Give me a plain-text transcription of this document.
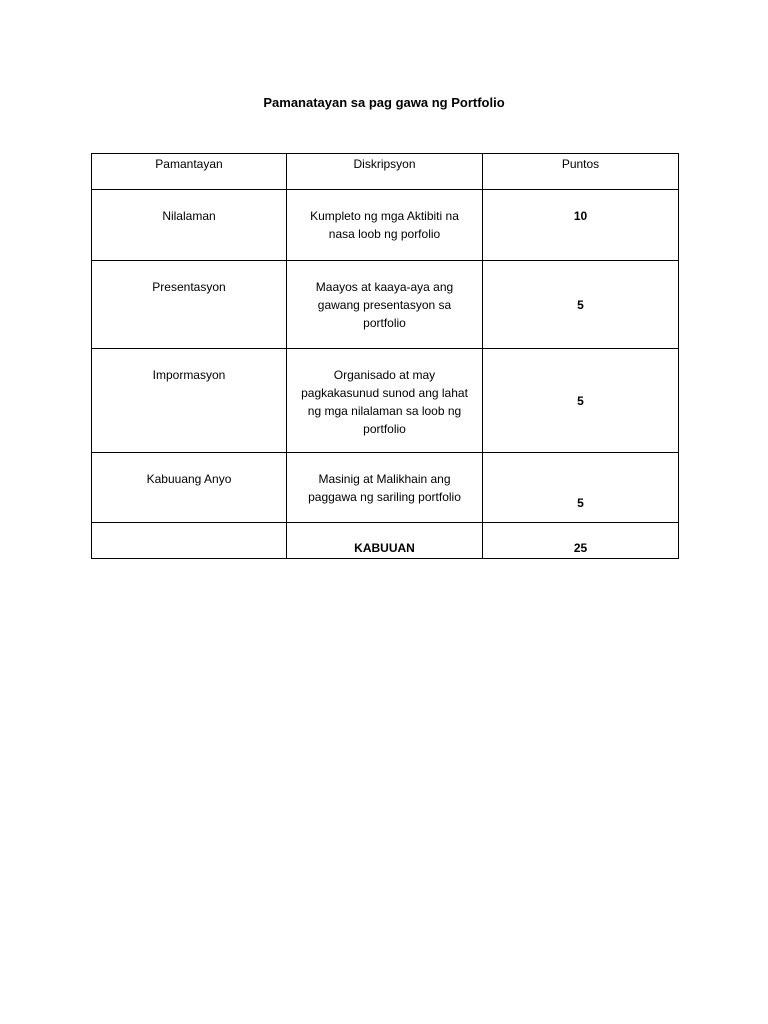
Pamanatayan sa pag gawa ng Portfolio
Pamantayan	Diskripsyon	Puntos
Nilalaman	Kumpleto ng mga Aktibiti na nasa loob ng porfolio	10
Presentasyon	Maayos at kaaya-aya ang gawang presentasyon sa portfolio	5
Impormasyon	Organisado at may pagkakasunud sunod ang lahat ng mga nilalaman sa loob ng portfolio	5
Kabuuang Anyo	Masinig at Malikhain ang paggawa ng sariling portfolio	5
	KABUUAN	25
